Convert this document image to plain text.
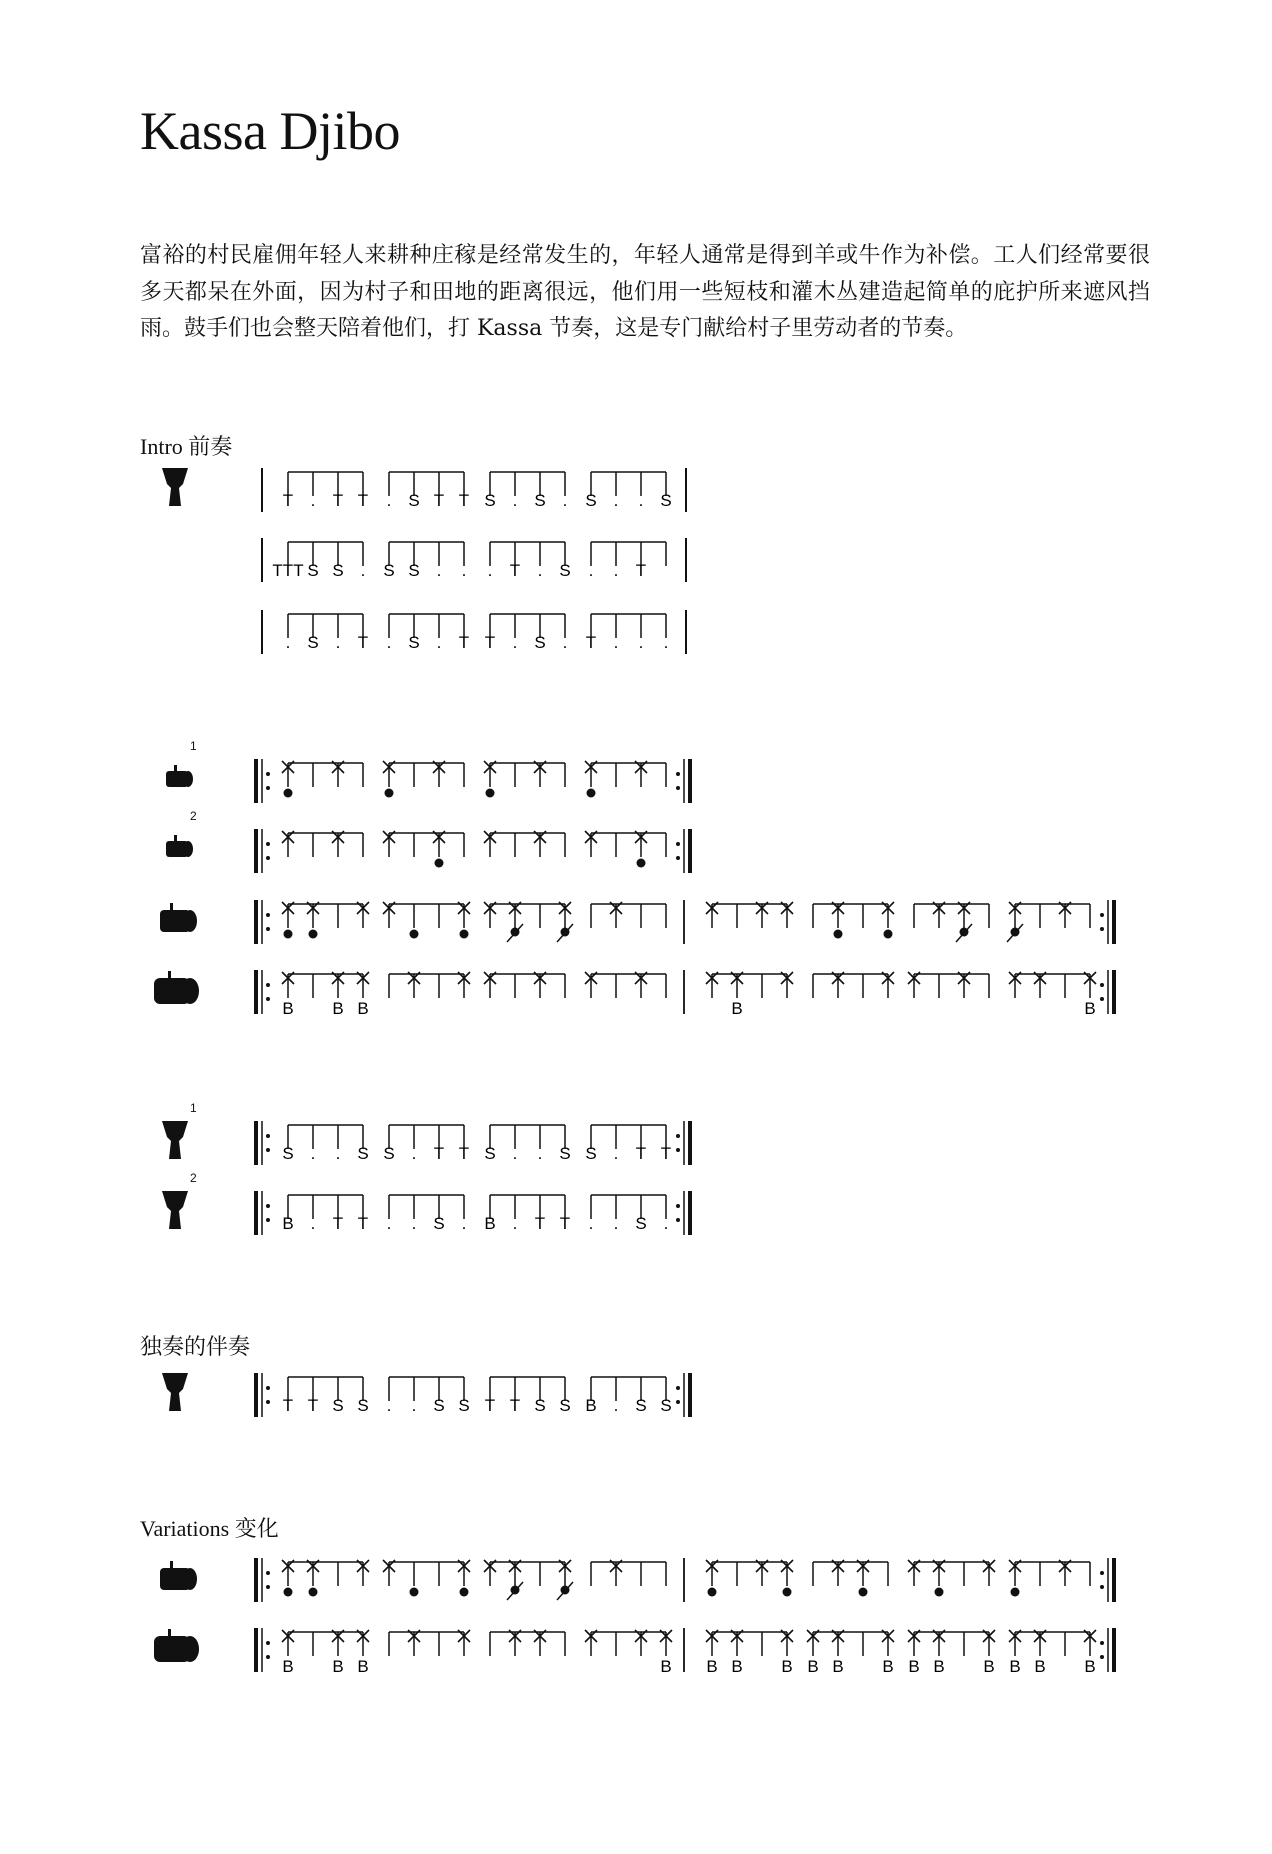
Kassa Djibo

富裕的村民雇佣年轻人来耕种庄稼是经常发生的，年轻人通常是得到羊或牛作为补偿。工人们经常要很多天都呆在外面，因为村子和田地的距离很远，他们用一些短枝和灌木丛建造起简单的庇护所来遮风挡雨。鼓手们也会整天陪着他们，打 Kassa 节奏，这是专门献给村子里劳动者的节奏。

Intro 前奏
独奏的伴奏
Variations 变化
T . T T . S T T S . S . S . . S
TTT S S . S S . . . T . S . . T
. S . T . S . T T . S . T . . .
1
2
B B B	B	B
1
S . . S S . T T S . . S S . T T
2
B . T T . . S . B . T T . . S .
T T S S . . S S T T S S B . S S
B B B	B B B B B B B B B B B B B
